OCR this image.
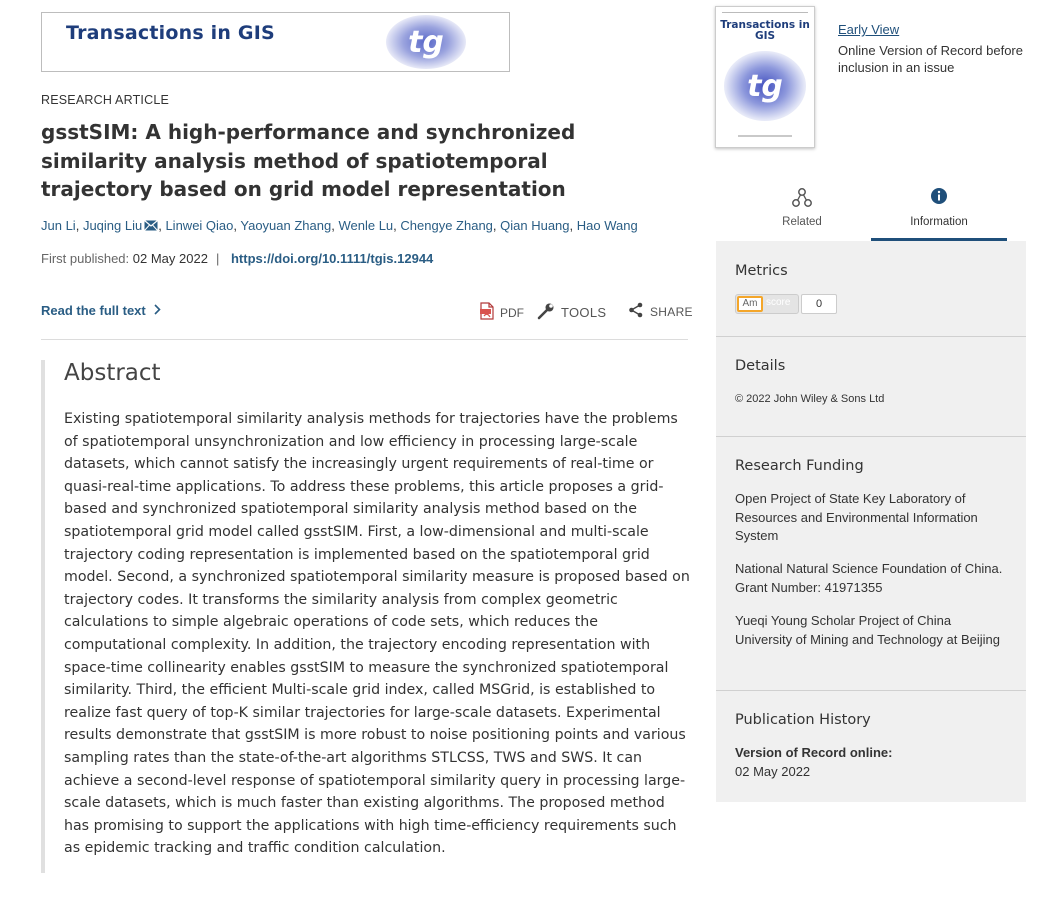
Transactions in GIS	tg
RESEARCH ARTICLE
gsstSIM: A high-performance and synchronized similarity analysis method of spatiotemporal trajectory based on grid model representation
Jun Li, Juqing Liu , Linwei Qiao, Yaoyuan Zhang, Wenle Lu, Chengye Zhang, Qian Huang, Hao Wang
First published: 02 May 2022 | https://doi.org/10.1111/tgis.12944
Read the full text	PDF	TOOLS	SHARE
Abstract

Existing spatiotemporal similarity analysis methods for trajectories have the problems of spatiotemporal unsynchronization and low efficiency in processing large-scale datasets, which cannot satisfy the increasingly urgent requirements of real-time or quasi-real-time applications. To address these problems, this article proposes a grid-based and synchronized spatiotemporal similarity analysis method based on the spatiotemporal grid model called gsstSIM. First, a low-dimensional and multi-scale trajectory coding representation is implemented based on the spatiotemporal grid model. Second, a synchronized spatiotemporal similarity measure is proposed based on trajectory codes. It transforms the similarity analysis from complex geometric calculations to simple algebraic operations of code sets, which reduces the computational complexity. In addition, the trajectory encoding representation with space-time collinearity enables gsstSIM to measure the synchronized spatiotemporal similarity. Third, the efficient Multi-scale grid index, called MSGrid, is established to realize fast query of top-K similar trajectories for large-scale datasets. Experimental results demonstrate that gsstSIM is more robust to noise positioning points and various sampling rates than the state-of-the-art algorithms STLCSS, TWS and SWS. It can achieve a second-level response of spatiotemporal similarity query in processing large-scale datasets, which is much faster than existing algorithms. The proposed method has promising to support the applications with high time-efficiency requirements such as epidemic tracking and traffic condition calculation.

Transactions in GIS
tg
Early View
Online Version of Record before inclusion in an issue
Related	Information
Metrics
Am score	0
Details
© 2022 John Wiley & Sons Ltd
Research Funding
Open Project of State Key Laboratory of Resources and Environmental Information System
National Natural Science Foundation of China. Grant Number: 41971355
Yueqi Young Scholar Project of China University of Mining and Technology at Beijing
Publication History
Version of Record online:
02 May 2022
